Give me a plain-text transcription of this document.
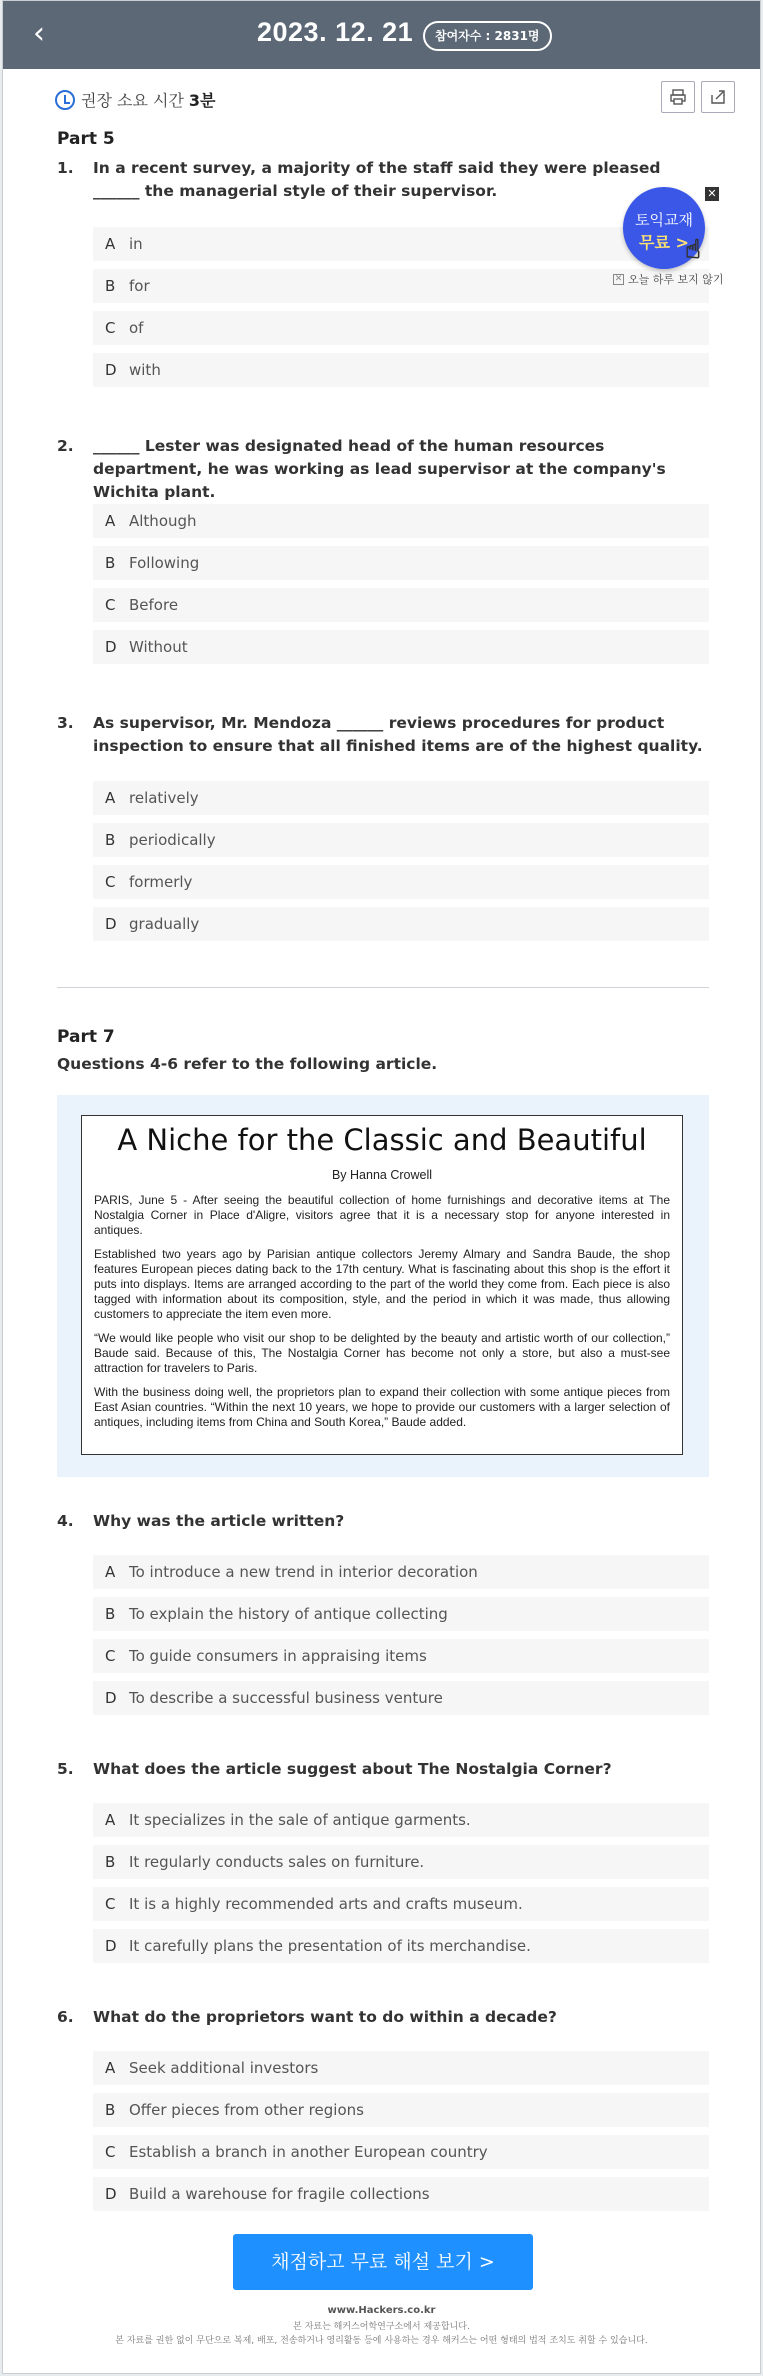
‹	2023. 12. 21	참여자수 : 2831명
권장 소요 시간 3분
Part 5
1.	In a recent survey, a majority of the staff said they were pleased ______ the managerial style of their supervisor.
A in
B for
C of
D with
2.	______ Lester was designated head of the human resources department, he was working as lead supervisor at the company's Wichita plant.
A Although
B Following
C Before
D Without
3.	As supervisor, Mr. Mendoza ______ reviews procedures for product inspection to ensure that all finished items are of the highest quality.
A relatively
B periodically
C formerly
D gradually
Part 7
Questions 4-6 refer to the following article.
A Niche for the Classic and Beautiful
By Hanna Crowell

PARIS, June 5 - After seeing the beautiful collection of home furnishings and decorative items at The Nostalgia Corner in Place d'Aligre, visitors agree that it is a necessary stop for anyone interested in antiques.

Established two years ago by Parisian antique collectors Jeremy Almary and Sandra Baude, the shop features European pieces dating back to the 17th century. What is fascinating about this shop is the effort it puts into displays. Items are arranged according to the part of the world they come from. Each piece is also tagged with information about its composition, style, and the period in which it was made, thus allowing customers to appreciate the item even more.

“We would like people who visit our shop to be delighted by the beauty and artistic worth of our collection,” Baude said. Because of this, The Nostalgia Corner has become not only a store, but also a must-see attraction for travelers to Paris.

With the business doing well, the proprietors plan to expand their collection with some antique pieces from East Asian countries. “Within the next 10 years, we hope to provide our customers with a larger selection of antiques, including items from China and South Korea,” Baude added.

4.	Why was the article written?
A To introduce a new trend in interior decoration
B To explain the history of antique collecting
C To guide consumers in appraising items
D To describe a successful business venture
5.	What does the article suggest about The Nostalgia Corner?
A It specializes in the sale of antique garments.
B It regularly conducts sales on furniture.
C It is a highly recommended arts and crafts museum.
D It carefully plans the presentation of its merchandise.
6.	What do the proprietors want to do within a decade?
A Seek additional investors
B Offer pieces from other regions
C Establish a branch in another European country
D Build a warehouse for fragile collections
채점하고 무료 해설 보기 >
www.Hackers.co.kr
본 자료는 해커스어학연구소에서 제공합니다.
본 자료를 권한 없이 무단으로 복제, 배포, 전송하거나 영리활동 등에 사용하는 경우 해커스는 어떤 형태의 법적 조치도 취할 수 있습니다.
토익교재
무료 >
☝
✕
✕ 오늘 하루 보지 않기
